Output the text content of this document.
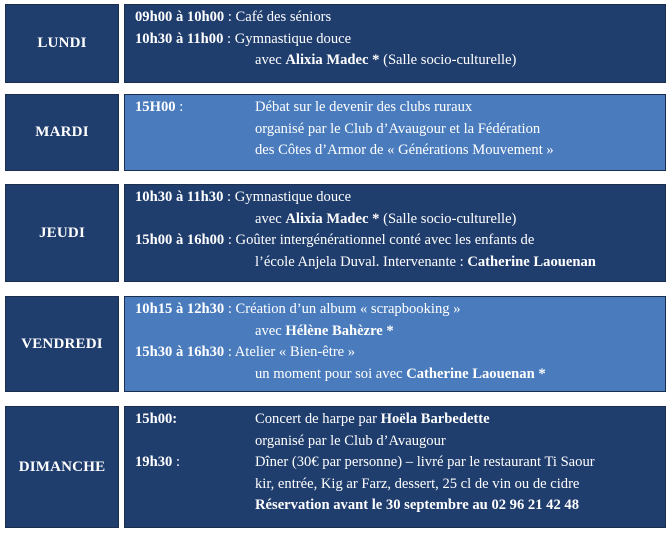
LUNDI
09h00 à 10h00 : Café des séniors
10h30 à 11h00 : Gymnastique douce
avec Alixia Madec * (Salle socio-culturelle)
MARDI
15H00 :	Débat sur le devenir des clubs ruraux
organisé par le Club d’Avaugour et la Fédération
des Côtes d’Armor de « Générations Mouvement »
JEUDI
10h30 à 11h30 : Gymnastique douce
avec Alixia Madec * (Salle socio-culturelle)
15h00 à 16h00 : Goûter intergénérationnel conté avec les enfants de
l’école Anjela Duval. Intervenante : Catherine Laouenan
VENDREDI
10h15 à 12h30 : Création d’un album « scrapbooking »
avec Hélène Bahèzre *
15h30 à 16h30 : Atelier « Bien-être »
un moment pour soi avec Catherine Laouenan *
DIMANCHE
15h00:	Concert de harpe par Hoëla Barbedette
organisé par le Club d’Avaugour
19h30 :	Dîner (30€ par personne) – livré par le restaurant Ti Saour
kir, entrée, Kig ar Farz, dessert, 25 cl de vin ou de cidre
Réservation avant le 30 septembre au 02 96 21 42 48
